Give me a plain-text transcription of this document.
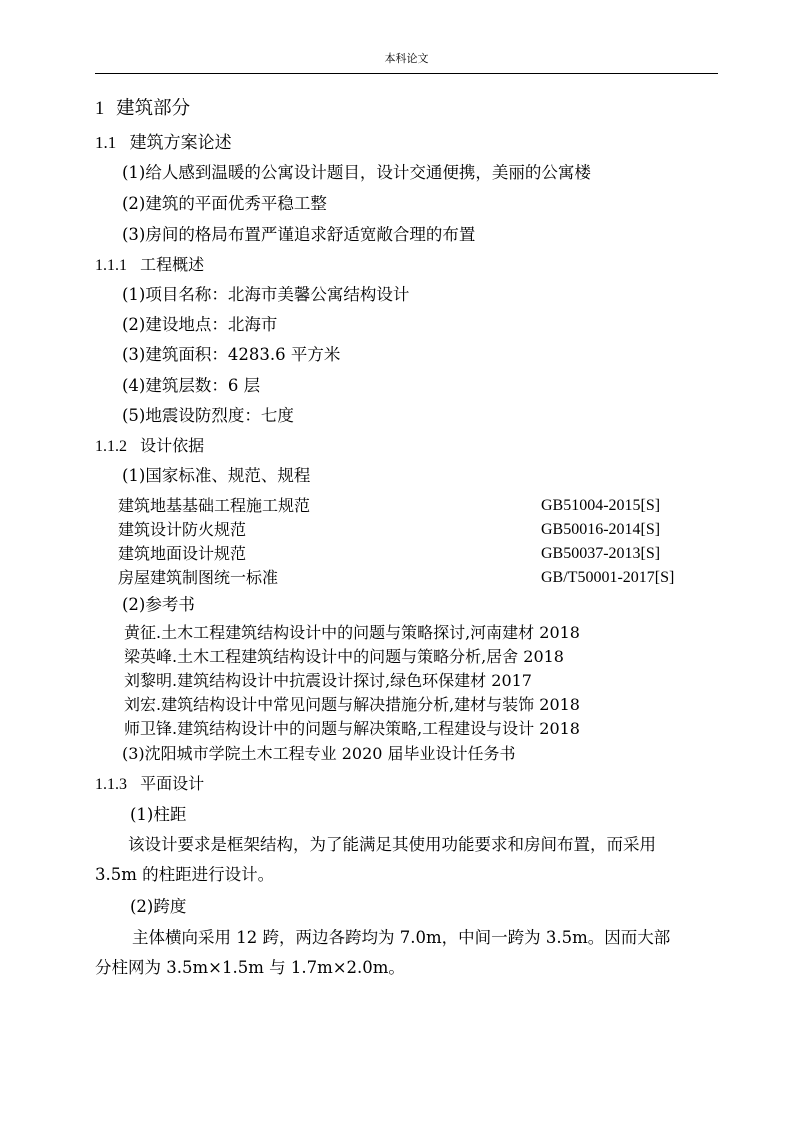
本科论文
1 建筑部分
1.1 建筑方案论述
(1)给人感到温暖的公寓设计题目，设计交通便携，美丽的公寓楼
(2)建筑的平面优秀平稳工整
(3)房间的格局布置严谨追求舒适宽敞合理的布置
1.1.1 工程概述
(1)项目名称：北海市美馨公寓结构设计
(2)建设地点：北海市
(3)建筑面积：4283.6 平方米
(4)建筑层数：6 层
(5)地震设防烈度：七度
1.1.2 设计依据
(1)国家标准、规范、规程
建筑地基基础工程施工规范	GB51004-2015[S]
建筑设计防火规范	GB50016-2014[S]
建筑地面设计规范	GB50037-2013[S]
房屋建筑制图统一标准	GB/T50001-2017[S]
(2)参考书
黄征.土木工程建筑结构设计中的问题与策略探讨,河南建材 2018
梁英峰.土木工程建筑结构设计中的问题与策略分析,居舍 2018
刘黎明.建筑结构设计中抗震设计探讨,绿色环保建材 2017
刘宏.建筑结构设计中常见问题与解决措施分析,建材与装饰 2018
师卫锋.建筑结构设计中的问题与解决策略,工程建设与设计 2018
(3)沈阳城市学院土木工程专业 2020 届毕业设计任务书
1.1.3 平面设计
(1)柱距
该设计要求是框架结构，为了能满足其使用功能要求和房间布置，而采用
3.5m 的柱距进行设计。
(2)跨度
主体横向采用 12 跨，两边各跨均为 7.0m，中间一跨为 3.5m。因而大部
分柱网为 3.5m×1.5m 与 1.7m×2.0m。
